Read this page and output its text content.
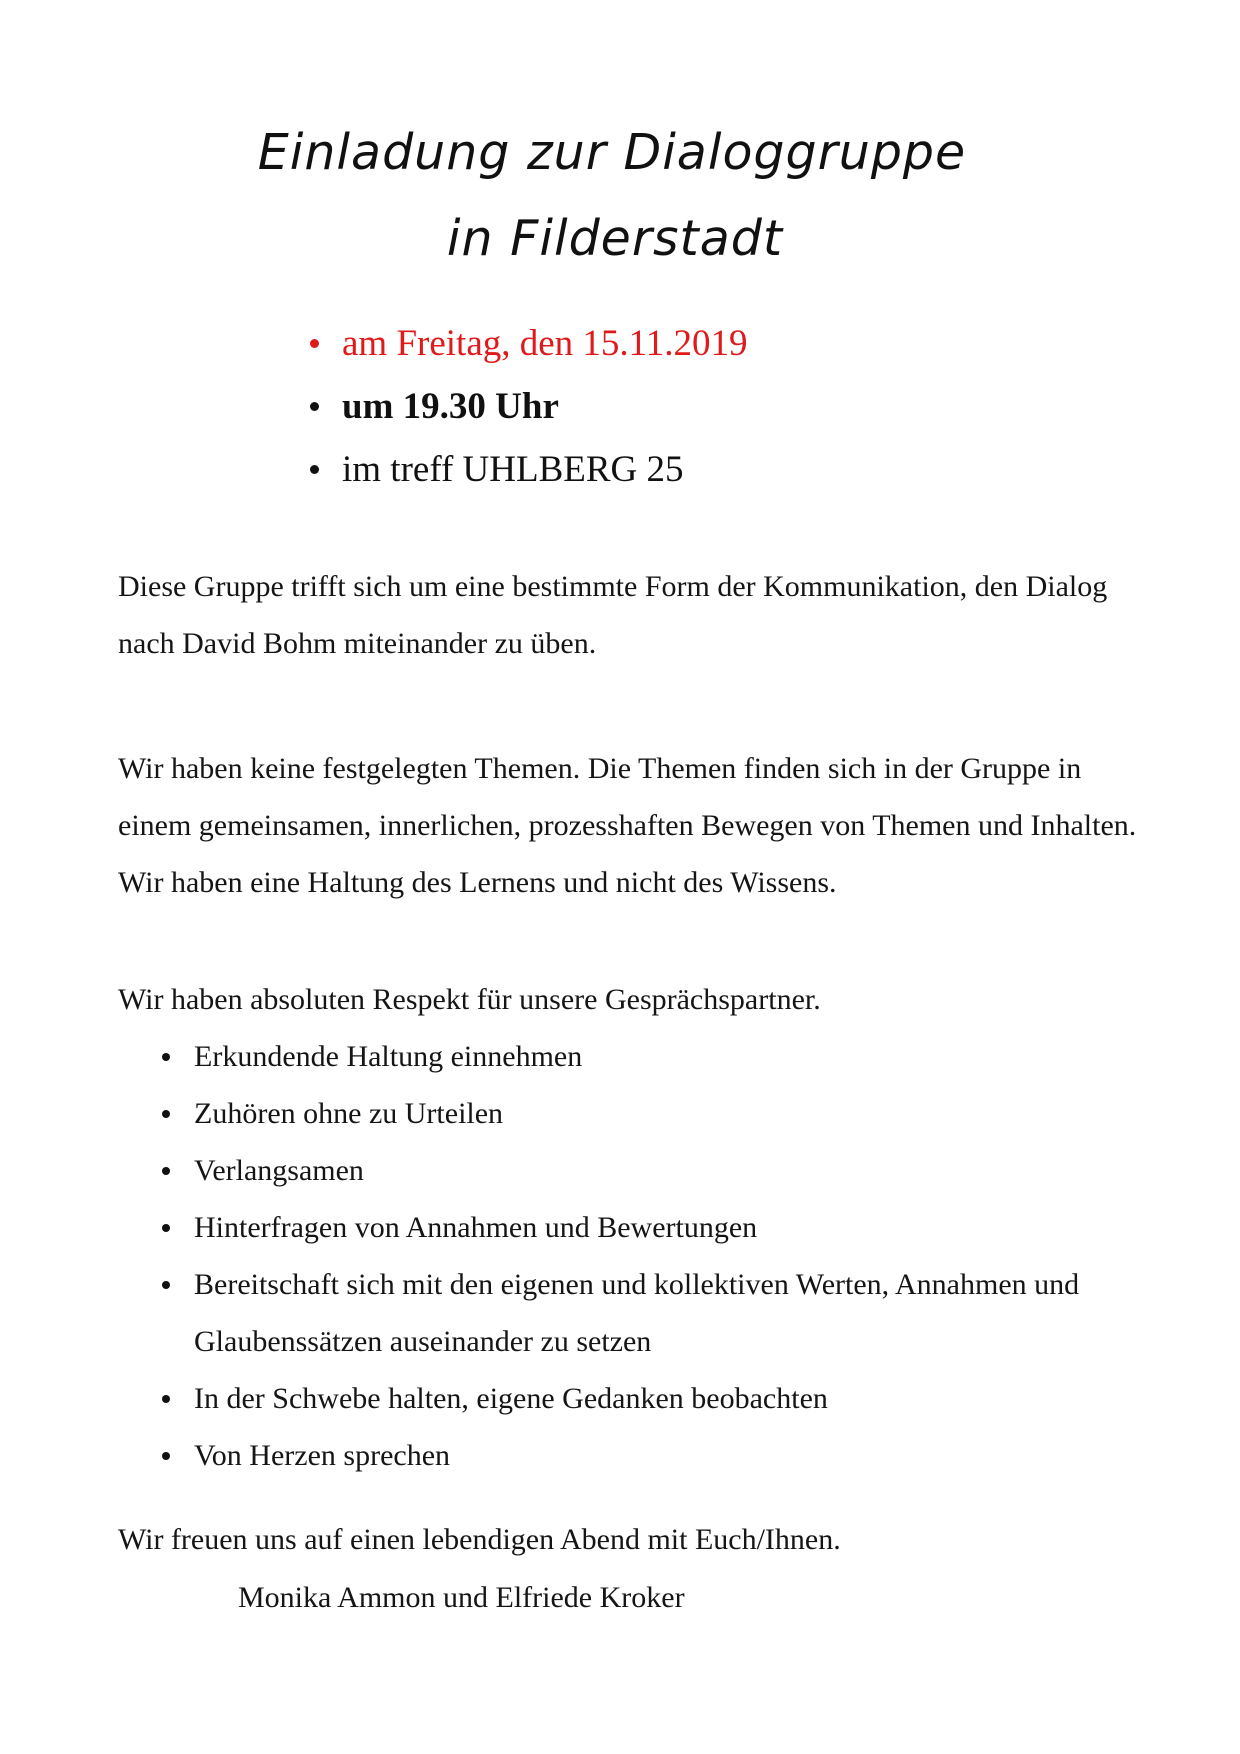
Einladung zur Dialoggruppe
in Filderstadt
am Freitag, den 15.11.2019
um 19.30 Uhr
im treff UHLBERG 25

Diese Gruppe trifft sich um eine bestimmte Form der Kommunikation, den Dialog nach David Bohm miteinander zu üben.

Wir haben keine festgelegten Themen. Die Themen finden sich in der Gruppe in einem gemeinsamen, innerlichen, prozesshaften Bewegen von Themen und Inhalten. Wir haben eine Haltung des Lernens und nicht des Wissens.

Wir haben absoluten Respekt für unsere Gesprächspartner.

Erkundende Haltung einnehmen
Zuhören ohne zu Urteilen
Verlangsamen
Hinterfragen von Annahmen und Bewertungen
Bereitschaft sich mit den eigenen und kollektiven Werten, Annahmen und Glaubenssätzen auseinander zu setzen
In der Schwebe halten, eigene Gedanken beobachten
Von Herzen sprechen
Wir freuen uns auf einen lebendigen Abend mit Euch/Ihnen.
Monika Ammon und Elfriede Kroker
